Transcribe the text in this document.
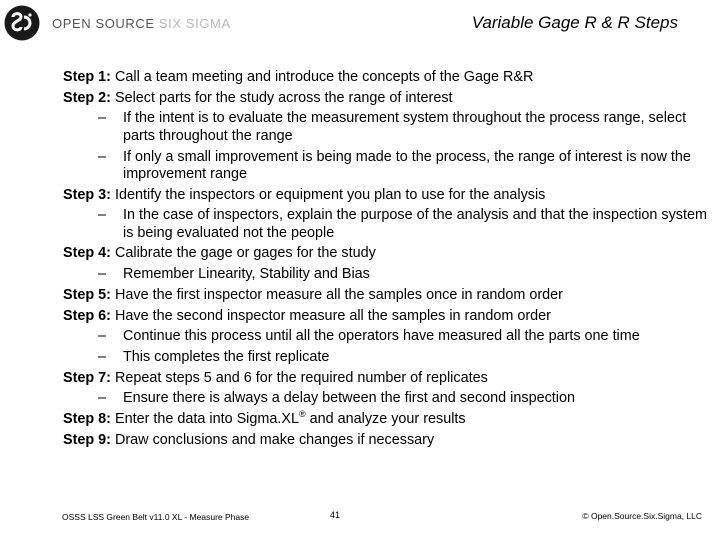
OPEN SOURCE SIX SIGMA	Variable Gage R & R Steps
Step 1: Call a team meeting and introduce the concepts of the Gage R&R
Step 2: Select parts for the study across the range of interest
– If the intent is to evaluate the measurement system throughout the process range, select parts throughout the range
– If only a small improvement is being made to the process, the range of interest is now the improvement range
Step 3: Identify the inspectors or equipment you plan to use for the analysis
– In the case of inspectors, explain the purpose of the analysis and that the inspection system is being evaluated not the people
Step 4: Calibrate the gage or gages for the study
– Remember Linearity, Stability and Bias
Step 5: Have the first inspector measure all the samples once in random order
Step 6: Have the second inspector measure all the samples in random order
– Continue this process until all the operators have measured all the parts one time
– This completes the first replicate
Step 7: Repeat steps 5 and 6 for the required number of replicates
– Ensure there is always a delay between the first and second inspection
Step 8: Enter the data into Sigma.XL® and analyze your results
Step 9: Draw conclusions and make changes if necessary
OSSS LSS Green Belt v11.0 XL - Measure Phase	41	© Open.Source.Six.Sigma, LLC
